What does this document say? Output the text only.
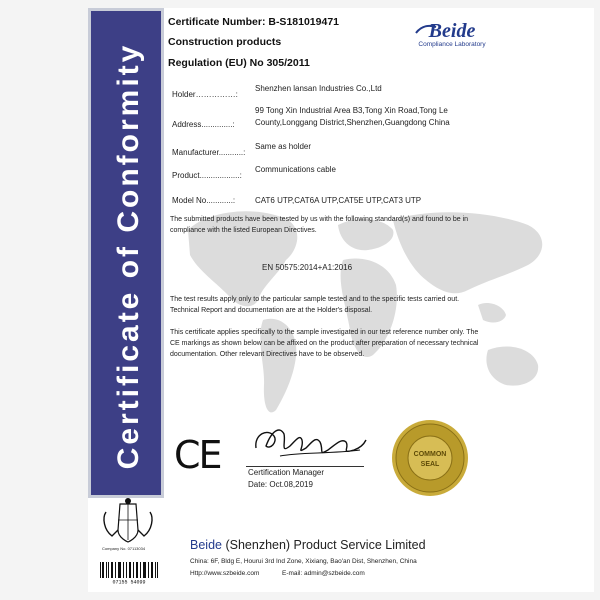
Certificate of Conformity
Certificate Number: B-S181019471
Construction products
Regulation (EU) No 305/2011
Beide
Compliance Laboratory
Holder……………:
Shenzhen lansan Industries Co.,Ltd
Address..............:
99 Tong Xin Industrial Area B3,Tong Xin Road,Tong Le
County,Longgang District,Shenzhen,Guangdong China
Manufacturer...........:
Same as holder
Product..................:
Communications cable
Model No............: CAT6 UTP,CAT6A UTP,CAT5E UTP,CAT3 UTP
The submitted products have been tested by us with the following standard(s) and found to be in compliance with the listed European Directives.
EN 50575:2014+A1:2016
The test results apply only to the particular sample tested and to the specific tests carried out. Technical Report and documentation are at the Holder's disposal.
This certificate applies specifically to the sample investigated in our test reference number only. The CE markings as shown below can be affixed on the product after preparation of necessary technical documentation. Other relevant Directives have to be observed.
CE	Certification Manager
Date: Oct.08,2019
COMMON
SEAL
Company No. 07113034
07155 54099
Beide (Shenzhen) Product Service Limited
China: 6F, Bldg E, Hourui 3rd Ind Zone, Xixiang, Bao'an Dist, Shenzhen, China
Http://www.szbeide.com	E-mail: admin@szbeide.com
